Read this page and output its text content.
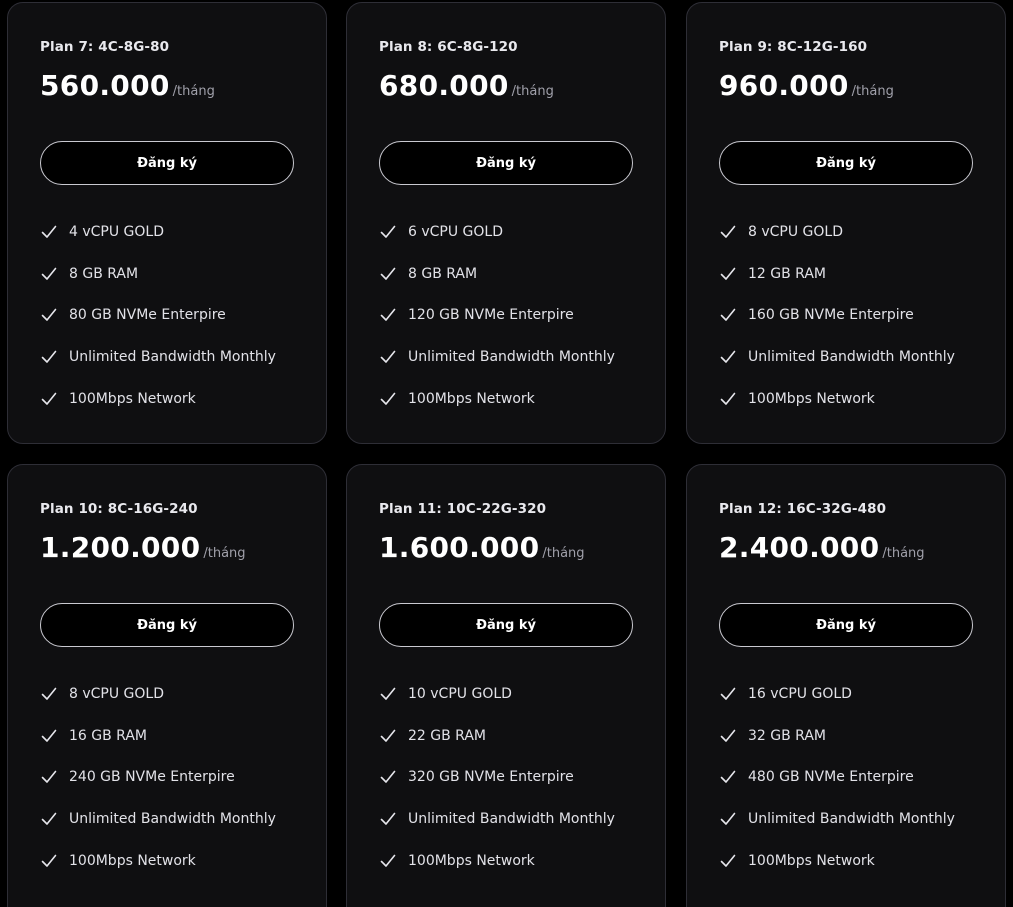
Plan 7: 4C-8G-80
560.000 /tháng
Đăng ký
4 vCPU GOLD
8 GB RAM
80 GB NVMe Enterpire
Unlimited Bandwidth Monthly
100Mbps Network
Plan 8: 6C-8G-120
680.000 /tháng
Đăng ký
6 vCPU GOLD
8 GB RAM
120 GB NVMe Enterpire
Unlimited Bandwidth Monthly
100Mbps Network
Plan 9: 8C-12G-160
960.000 /tháng
Đăng ký
8 vCPU GOLD
12 GB RAM
160 GB NVMe Enterpire
Unlimited Bandwidth Monthly
100Mbps Network
Plan 10: 8C-16G-240
1.200.000 /tháng
Đăng ký
8 vCPU GOLD
16 GB RAM
240 GB NVMe Enterpire
Unlimited Bandwidth Monthly
100Mbps Network
Plan 11: 10C-22G-320
1.600.000 /tháng
Đăng ký
10 vCPU GOLD
22 GB RAM
320 GB NVMe Enterpire
Unlimited Bandwidth Monthly
100Mbps Network
Plan 12: 16C-32G-480
2.400.000 /tháng
Đăng ký
16 vCPU GOLD
32 GB RAM
480 GB NVMe Enterpire
Unlimited Bandwidth Monthly
100Mbps Network
